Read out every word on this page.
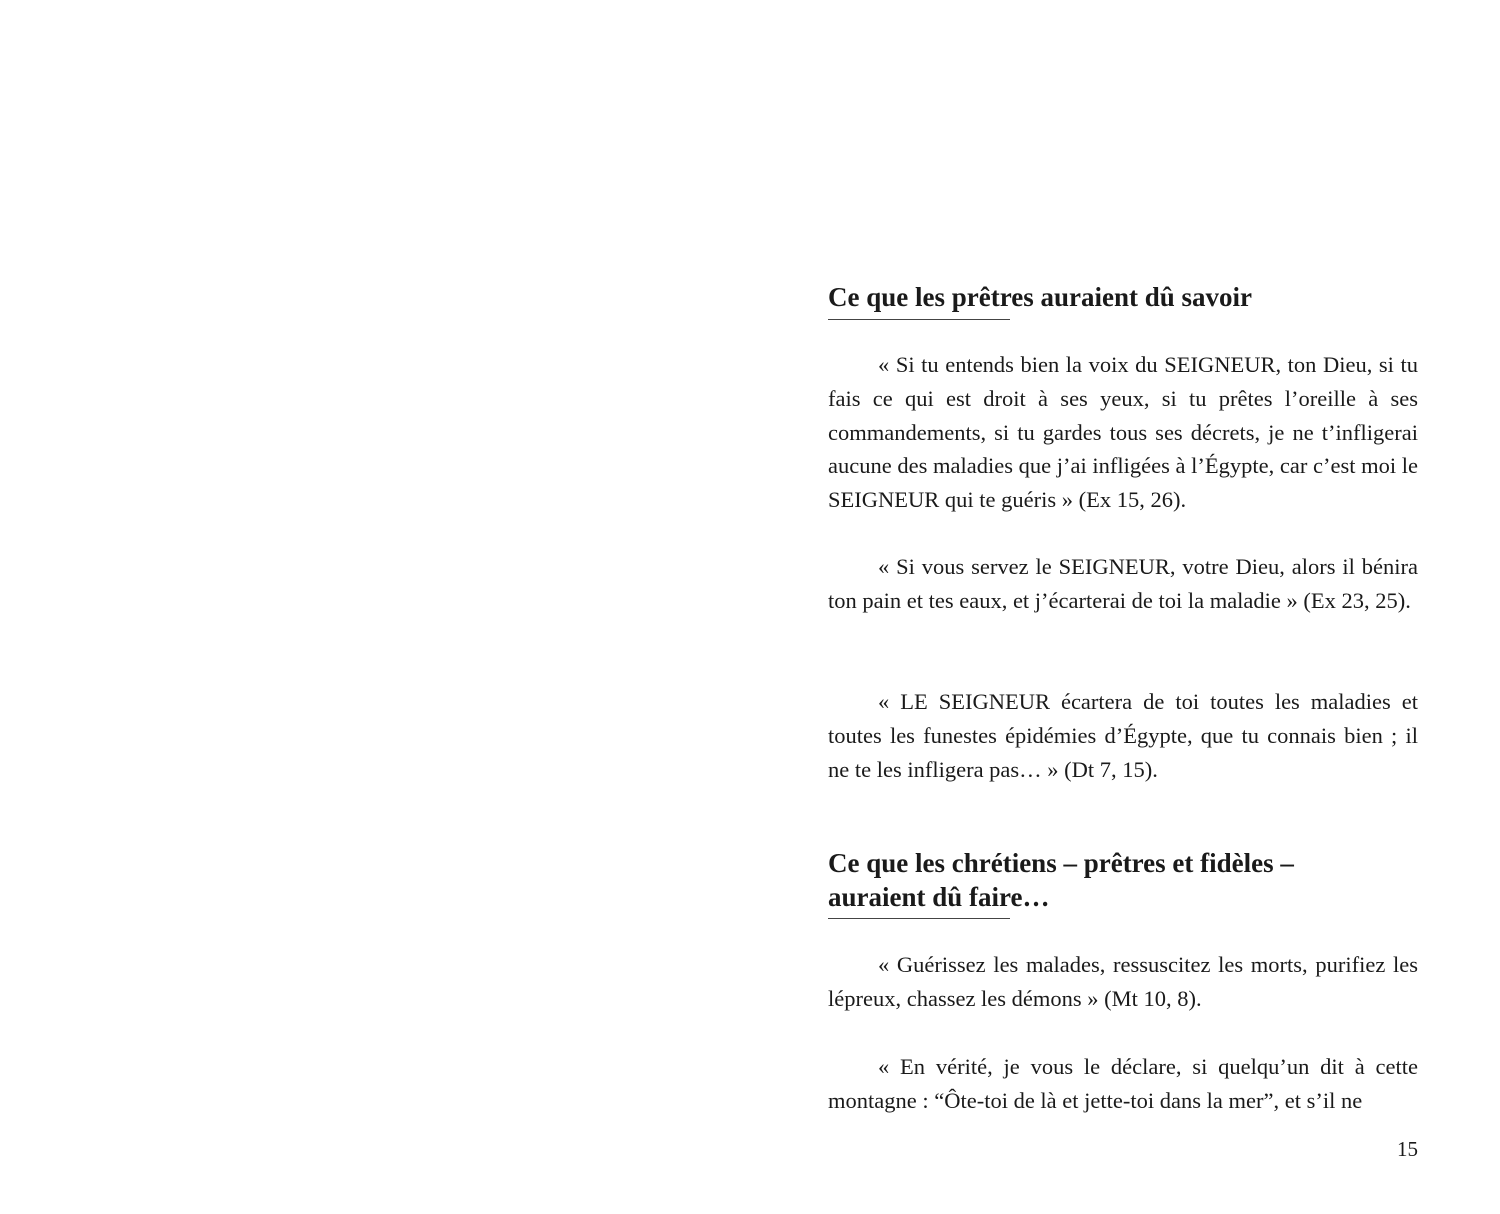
Ce que les prêtres auraient dû savoir

« Si tu entends bien la voix du SEIGNEUR, ton Dieu, si tu fais ce qui est droit à ses yeux, si tu prêtes l’oreille à ses commandements, si tu gardes tous ses décrets, je ne t’infligerai aucune des maladies que j’ai infligées à l’Égypte, car c’est moi le SEIGNEUR qui te guéris » (Ex 15, 26).

« Si vous servez le SEIGNEUR, votre Dieu, alors il bénira ton pain et tes eaux, et j’écarterai de toi la maladie » (Ex 23, 25).

« LE SEIGNEUR écartera de toi toutes les maladies et toutes les funestes épidémies d’Égypte, que tu connais bien ; il ne te les infligera pas… » (Dt 7, 15).

Ce que les chrétiens – prêtres et fidèles –
auraient dû faire…

« Guérissez les malades, ressuscitez les morts, purifiez les lépreux, chassez les démons » (Mt 10, 8).

« En vérité, je vous le déclare, si quelqu’un dit à cette montagne : “Ôte-toi de là et jette-toi dans la mer”, et s’il ne

15
